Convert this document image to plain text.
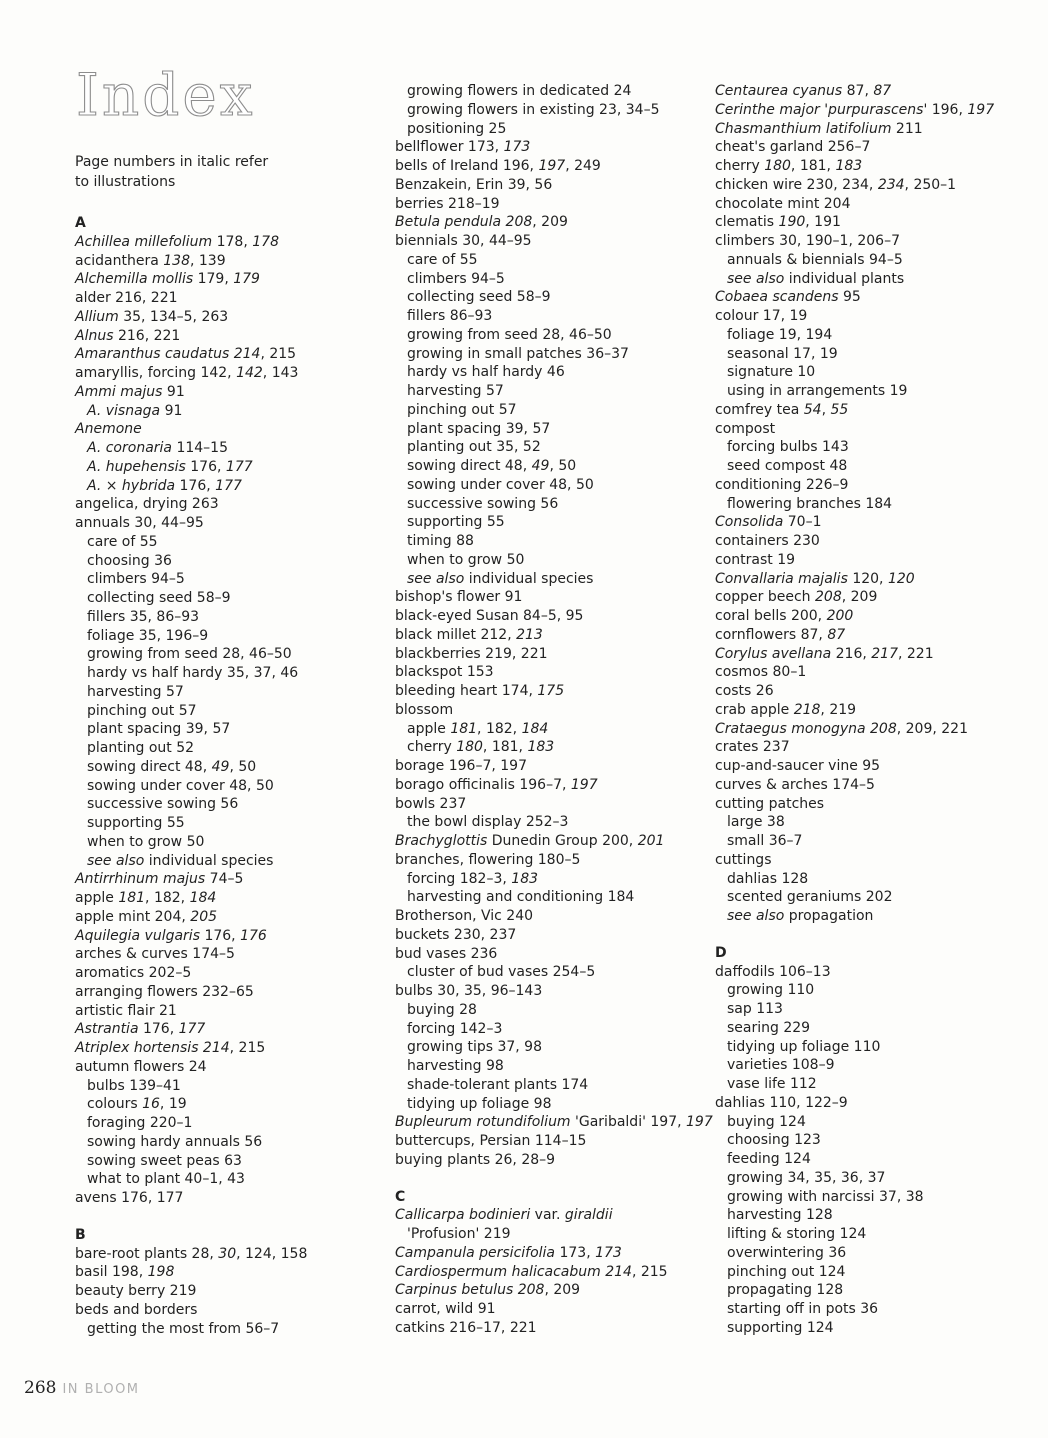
Index
Page numbers in italic refer
to illustrations
A
Achillea millefolium 178, 178
acidanthera 138, 139
Alchemilla mollis 179, 179
alder 216, 221
Allium 35, 134–5, 263
Alnus 216, 221
Amaranthus caudatus 214, 215
amaryllis, forcing 142, 142, 143
Ammi majus 91
A. visnaga 91
Anemone
A. coronaria 114–15
A. hupehensis 176, 177
A. × hybrida 176, 177
angelica, drying 263
annuals 30, 44–95
care of 55
choosing 36
climbers 94–5
collecting seed 58–9
fillers 35, 86–93
foliage 35, 196–9
growing from seed 28, 46–50
hardy vs half hardy 35, 37, 46
harvesting 57
pinching out 57
plant spacing 39, 57
planting out 52
sowing direct 48, 49, 50
sowing under cover 48, 50
successive sowing 56
supporting 55
when to grow 50
see also individual species
Antirrhinum majus 74–5
apple 181, 182, 184
apple mint 204, 205
Aquilegia vulgaris 176, 176
arches & curves 174–5
aromatics 202–5
arranging flowers 232–65
artistic flair 21
Astrantia 176, 177
Atriplex hortensis 214, 215
autumn flowers 24
bulbs 139–41
colours 16, 19
foraging 220–1
sowing hardy annuals 56
sowing sweet peas 63
what to plant 40–1, 43
avens 176, 177
B
bare-root plants 28, 30, 124, 158
basil 198, 198
beauty berry 219
beds and borders
getting the most from 56–7
growing flowers in dedicated 24
growing flowers in existing 23, 34–5
positioning 25
bellflower 173, 173
bells of Ireland 196, 197, 249
Benzakein, Erin 39, 56
berries 218–19
Betula pendula 208, 209
biennials 30, 44–95
care of 55
climbers 94–5
collecting seed 58–9
fillers 86–93
growing from seed 28, 46–50
growing in small patches 36–37
hardy vs half hardy 46
harvesting 57
pinching out 57
plant spacing 39, 57
planting out 35, 52
sowing direct 48, 49, 50
sowing under cover 48, 50
successive sowing 56
supporting 55
timing 88
when to grow 50
see also individual species
bishop's flower 91
black-eyed Susan 84–5, 95
black millet 212, 213
blackberries 219, 221
blackspot 153
bleeding heart 174, 175
blossom
apple 181, 182, 184
cherry 180, 181, 183
borage 196–7, 197
borago officinalis 196–7, 197
bowls 237
the bowl display 252–3
Brachyglottis Dunedin Group 200, 201
branches, flowering 180–5
forcing 182–3, 183
harvesting and conditioning 184
Brotherson, Vic 240
buckets 230, 237
bud vases 236
cluster of bud vases 254–5
bulbs 30, 35, 96–143
buying 28
forcing 142–3
growing tips 37, 98
harvesting 98
shade-tolerant plants 174
tidying up foliage 98
Bupleurum rotundifolium 'Garibaldi' 197, 197
buttercups, Persian 114–15
buying plants 26, 28–9
C
Callicarpa bodinieri var. giraldii
'Profusion' 219
Campanula persicifolia 173, 173
Cardiospermum halicacabum 214, 215
Carpinus betulus 208, 209
carrot, wild 91
catkins 216–17, 221
Centaurea cyanus 87, 87
Cerinthe major 'purpurascens' 196, 197
Chasmanthium latifolium 211
cheat's garland 256–7
cherry 180, 181, 183
chicken wire 230, 234, 234, 250–1
chocolate mint 204
clematis 190, 191
climbers 30, 190–1, 206–7
annuals & biennials 94–5
see also individual plants
Cobaea scandens 95
colour 17, 19
foliage 19, 194
seasonal 17, 19
signature 10
using in arrangements 19
comfrey tea 54, 55
compost
forcing bulbs 143
seed compost 48
conditioning 226–9
flowering branches 184
Consolida 70–1
containers 230
contrast 19
Convallaria majalis 120, 120
copper beech 208, 209
coral bells 200, 200
cornflowers 87, 87
Corylus avellana 216, 217, 221
cosmos 80–1
costs 26
crab apple 218, 219
Crataegus monogyna 208, 209, 221
crates 237
cup-and-saucer vine 95
curves & arches 174–5
cutting patches
large 38
small 36–7
cuttings
dahlias 128
scented geraniums 202
see also propagation
D
daffodils 106–13
growing 110
sap 113
searing 229
tidying up foliage 110
varieties 108–9
vase life 112
dahlias 110, 122–9
buying 124
choosing 123
feeding 124
growing 34, 35, 36, 37
growing with narcissi 37, 38
harvesting 128
lifting & storing 124
overwintering 36
pinching out 124
propagating 128
starting off in pots 36
supporting 124
268 IN BLOOM
